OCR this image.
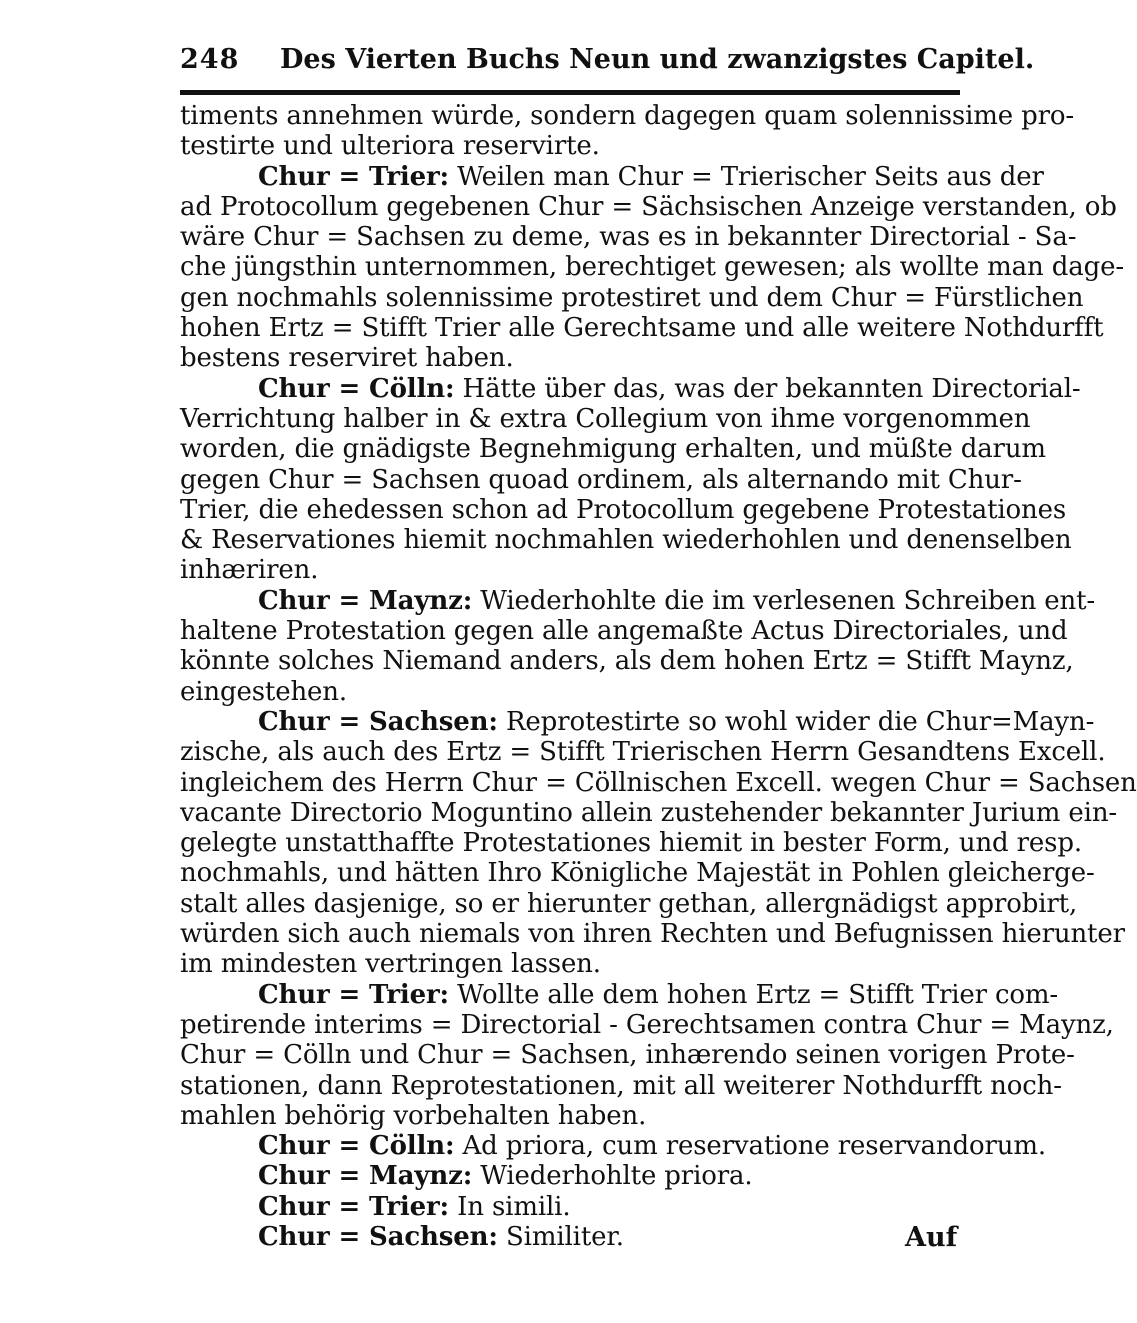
248 Des Vierten Buchs Neun und zwanzigstes Capitel.

timents annehmen würde, sondern dagegen quam solennissime pro-
testirte und ulteriora reservirte.

Chur = Trier: Weilen man Chur = Trierischer Seits aus der
ad Protocollum gegebenen Chur = Sächsischen Anzeige verstanden, ob
wäre Chur = Sachsen zu deme, was es in bekannter Directorial - Sa-
che jüngsthin unternommen, berechtiget gewesen; als wollte man dage-
gen nochmahls solennissime protestiret und dem Chur = Fürstlichen
hohen Ertz = Stifft Trier alle Gerechtsame und alle weitere Nothdurfft
bestens reserviret haben.

Chur = Cölln: Hätte über das, was der bekannten Directorial-
Verrichtung halber in & extra Collegium von ihme vorgenommen
worden, die gnädigste Begnehmigung erhalten, und müßte darum
gegen Chur = Sachsen quoad ordinem, als alternando mit Chur-
Trier, die ehedessen schon ad Protocollum gegebene Protestationes
& Reservationes hiemit nochmahlen wiederhohlen und denenselben
inhæriren.

Chur = Maynz: Wiederhohlte die im verlesenen Schreiben ent-
haltene Protestation gegen alle angemaßte Actus Directoriales, und
könnte solches Niemand anders, als dem hohen Ertz = Stifft Maynz,
eingestehen.

Chur = Sachsen: Reprotestirte so wohl wider die Chur=Mayn-
zische, als auch des Ertz = Stifft Trierischen Herrn Gesandtens Excell.
ingleichem des Herrn Chur = Cöllnischen Excell. wegen Chur = Sachsen
vacante Directorio Moguntino allein zustehender bekannter Jurium ein-
gelegte unstatthaffte Protestationes hiemit in bester Form, und resp.
nochmahls, und hätten Ihro Königliche Majestät in Pohlen gleicherge-
stalt alles dasjenige, so er hierunter gethan, allergnädigst approbirt,
würden sich auch niemals von ihren Rechten und Befugnissen hierunter
im mindesten vertringen lassen.

Chur = Trier: Wollte alle dem hohen Ertz = Stifft Trier com-
petirende interims = Directorial - Gerechtsamen contra Chur = Maynz,
Chur = Cölln und Chur = Sachsen, inhærendo seinen vorigen Prote-
stationen, dann Reprotestationen, mit all weiterer Nothdurfft noch-
mahlen behörig vorbehalten haben.

Chur = Cölln: Ad priora, cum reservatione reservandorum.

Chur = Maynz: Wiederhohlte priora.

Chur = Trier: In simili.

Chur = Sachsen: Similiter.	Auf
